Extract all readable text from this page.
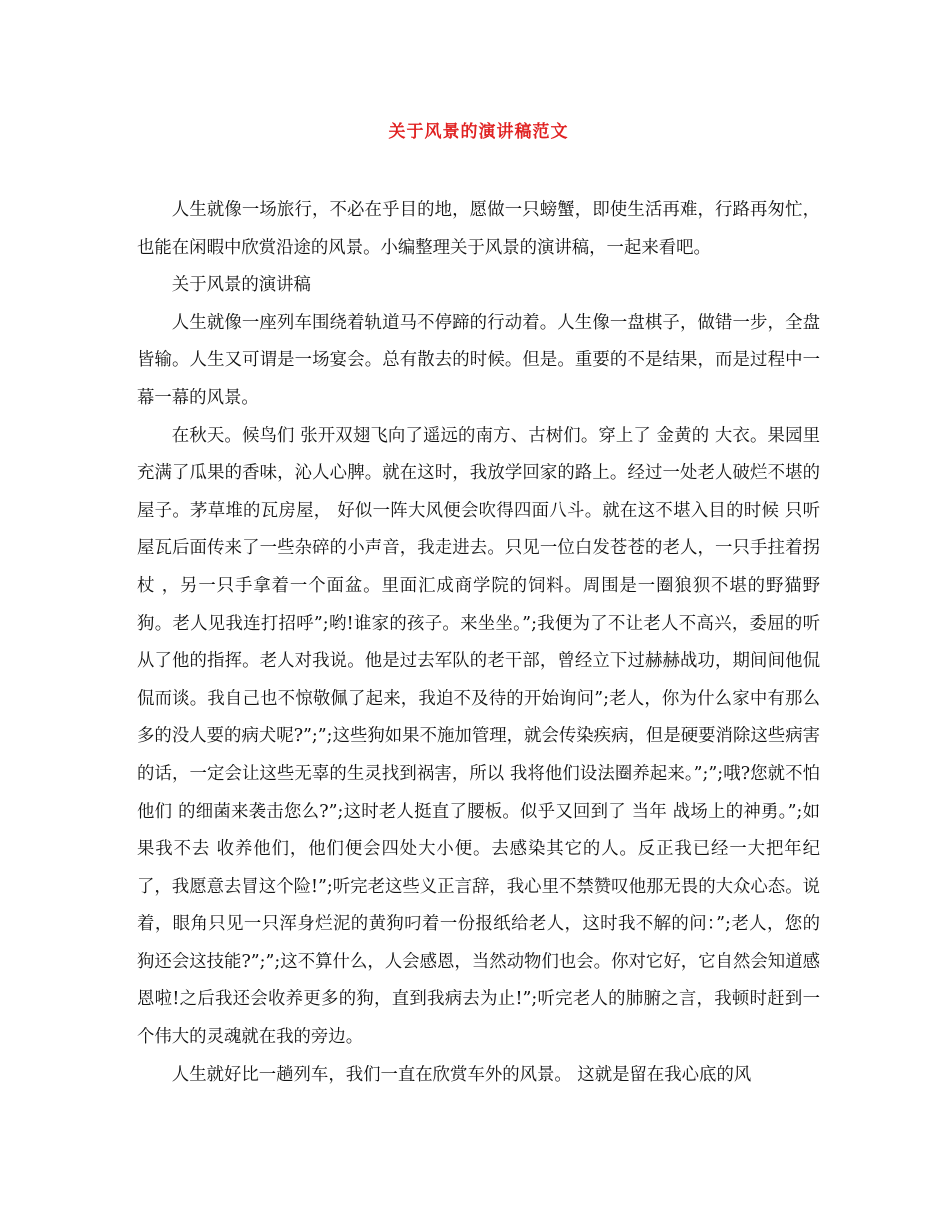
关于风景的演讲稿范文

人生就像一场旅行，不必在乎目的地，愿做一只螃蟹，即使生活再难，行路再匆忙，也能在闲暇中欣赏沿途的风景。小编整理关于风景的演讲稿，一起来看吧。

关于风景的演讲稿

人生就像一座列车围绕着轨道马不停蹄的行动着。人生像一盘棋子，做错一步，全盘皆输。人生又可谓是一场宴会。总有散去的时候。但是。重要的不是结果，而是过程中一幕一幕的风景。

在秋天。候鸟们 张开双翅飞向了遥远的南方、古树们。穿上了 金黄的 大衣。果园里充满了瓜果的香味，沁人心脾。就在这时，我放学回家的路上。经过一处老人破烂不堪的屋子。茅草堆的瓦房屋， 好似一阵大风便会吹得四面八斗。就在这不堪入目的时候 只听屋瓦后面传来了一些杂碎的小声音，我走进去。只见一位白发苍苍的老人，一只手拄着拐杖 ，另一只手拿着一个面盆。里面汇成商学院的饲料。周围是一圈狼狈不堪的野猫野狗。老人见我连打招呼”;哟!谁家的孩子。来坐坐。”;我便为了不让老人不高兴，委屈的听从了他的指挥。老人对我说。他是过去军队的老干部，曾经立下过赫赫战功，期间间他侃侃而谈。我自己也不惊敬佩了起来，我迫不及待的开始询问”;老人，你为什么家中有那么多的没人要的病犬呢?”;”;这些狗如果不施加管理，就会传染疾病，但是硬要消除这些病害的话，一定会让这些无辜的生灵找到祸害，所以 我将他们设法圈养起来。”;”;哦?您就不怕 他们 的细菌来袭击您么?”;这时老人挺直了腰板。似乎又回到了 当年 战场上的神勇。”;如果我不去 收养他们，他们便会四处大小便。去感染其它的人。反正我已经一大把年纪了，我愿意去冒这个险!”;听完老这些义正言辞，我心里不禁赞叹他那无畏的大众心态。说着，眼角只见一只浑身烂泥的黄狗叼着一份报纸给老人，这时我不解的问：”;老人，您的狗还会这技能?”;”;这不算什么，人会感恩，当然动物们也会。你对它好，它自然会知道感恩啦!之后我还会收养更多的狗，直到我病去为止!”;听完老人的肺腑之言，我顿时赶到一个伟大的灵魂就在我的旁边。

人生就好比一趟列车，我们一直在欣赏车外的风景。 这就是留在我心底的风
